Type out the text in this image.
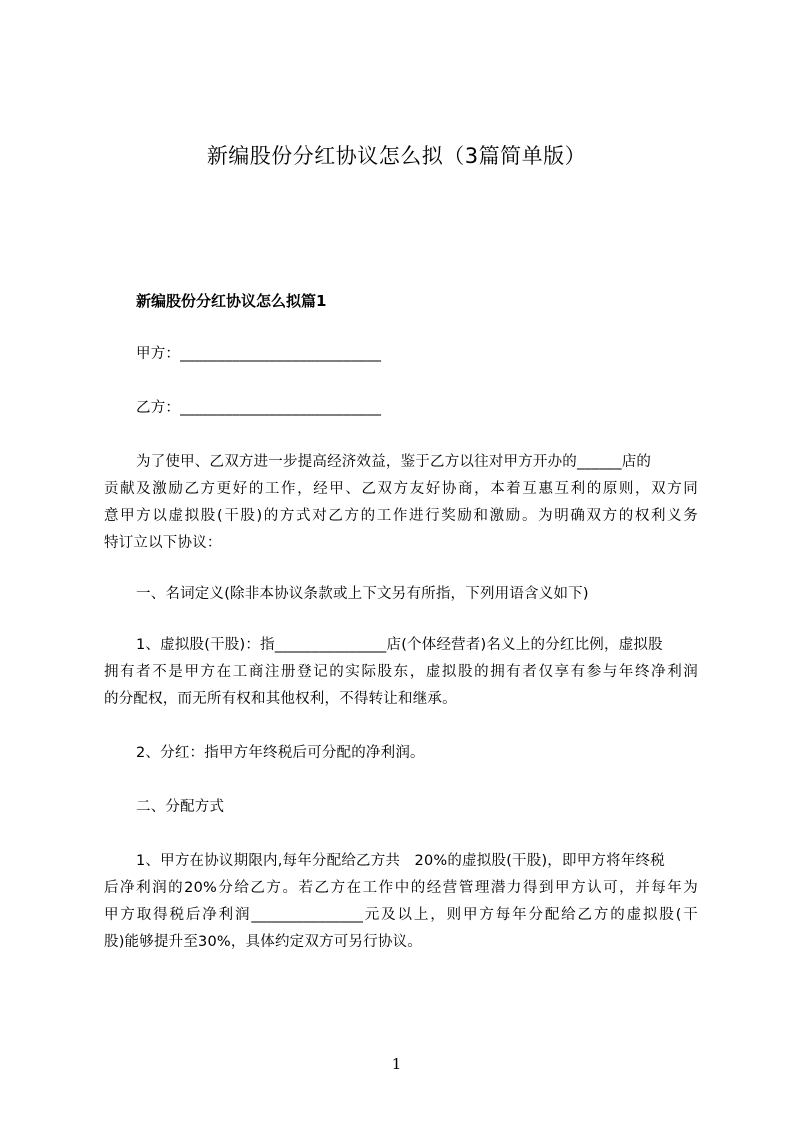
新编股份分红协议怎么拟（3篇简单版）
新编股份分红协议怎么拟篇1
甲方：___________________________
乙方：___________________________
为了使甲、乙双方进一步提高经济效益，鉴于乙方以往对甲方开办的______店的
贡献及激励乙方更好的工作，经甲、乙双方友好协商，本着互惠互利的原则，双方同
意甲方以虚拟股(干股)的方式对乙方的工作进行奖励和激励。为明确双方的权利义务
特订立以下协议：
一、名词定义(除非本协议条款或上下文另有所指，下列用语含义如下)
1、虚拟股(干股)：指_______________店(个体经营者)名义上的分红比例，虚拟股
拥有者不是甲方在工商注册登记的实际股东，虚拟股的拥有者仅享有参与年终净利润
的分配权，而无所有权和其他权利，不得转让和继承。
2、分红：指甲方年终税后可分配的净利润。
二、分配方式
1、甲方在协议期限内,每年分配给乙方共   20%的虚拟股(干股)，即甲方将年终税
后净利润的20%分给乙方。若乙方在工作中的经营管理潜力得到甲方认可，并每年为
甲方取得税后净利润_______________元及以上，则甲方每年分配给乙方的虚拟股(干
股)能够提升至30%，具体约定双方可另行协议。
1
